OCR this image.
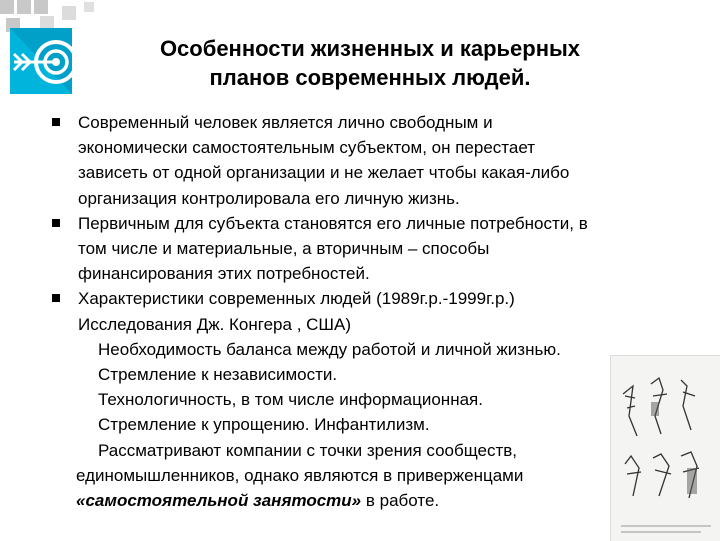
Особенности жизненных и карьерных
планов современных людей.
Современный человек является лично свободным и
экономически самостоятельным субъектом, он перестает
зависеть от одной организации и не желает чтобы какая-либо
организация контролировала его личную жизнь.
Первичным для субъекта становятся его личные потребности, в
том числе и материальные, а вторичным – способы
финансирования этих потребностей.
Характеристики современных людей (1989г.р.-1999г.р.)
Исследования Дж. Конгера , США)
Необходимость баланса между работой и личной жизнью.
Стремление к независимости.
Технологичность, в том числе информационная.
Стремление к упрощению. Инфантилизм.
Рассматривают компании с точки зрения сообществ,
единомышленников, однако являются в приверженцами
«самостоятельной занятости» в работе.
